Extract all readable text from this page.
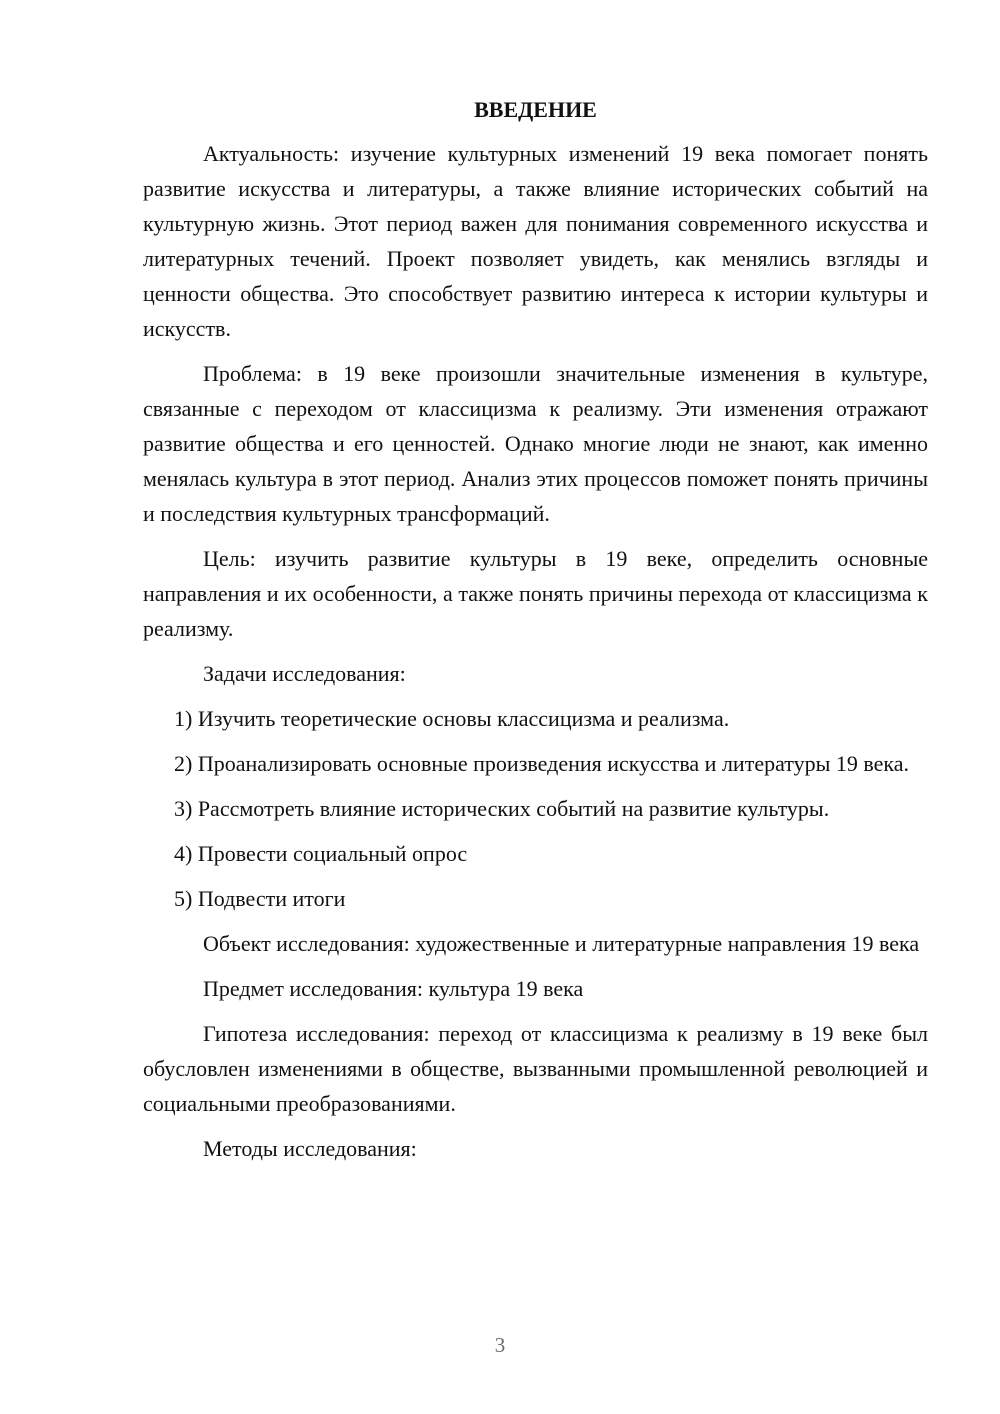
ВВЕДЕНИЕ

Актуальность: изучение культурных изменений 19 века помогает понять развитие искусства и литературы, а также влияние исторических событий на культурную жизнь. Этот период важен для понимания современного искусства и литературных течений. Проект позволяет увидеть, как менялись взгляды и ценности общества. Это способствует развитию интереса к истории культуры и искусств.

Проблема: в 19 веке произошли значительные изменения в культуре, связанные с переходом от классицизма к реализму. Эти изменения отражают развитие общества и его ценностей. Однако многие люди не знают, как именно менялась культура в этот период. Анализ этих процессов поможет понять причины и последствия культурных трансформаций.

Цель: изучить развитие культуры в 19 веке, определить основные направления и их особенности, а также понять причины перехода от классицизма к реализму.

Задачи исследования:

1) Изучить теоретические основы классицизма и реализма.

2) Проанализировать основные произведения искусства и литературы 19 века.

3) Рассмотреть влияние исторических событий на развитие культуры.

4) Провести социальный опрос

5) Подвести итоги

Объект исследования: художественные и литературные направления 19 века

Предмет исследования: культура 19 века

Гипотеза исследования: переход от классицизма к реализму в 19 веке был обусловлен изменениями в обществе, вызванными промышленной революцией и социальными преобразованиями.

Методы исследования:

3
